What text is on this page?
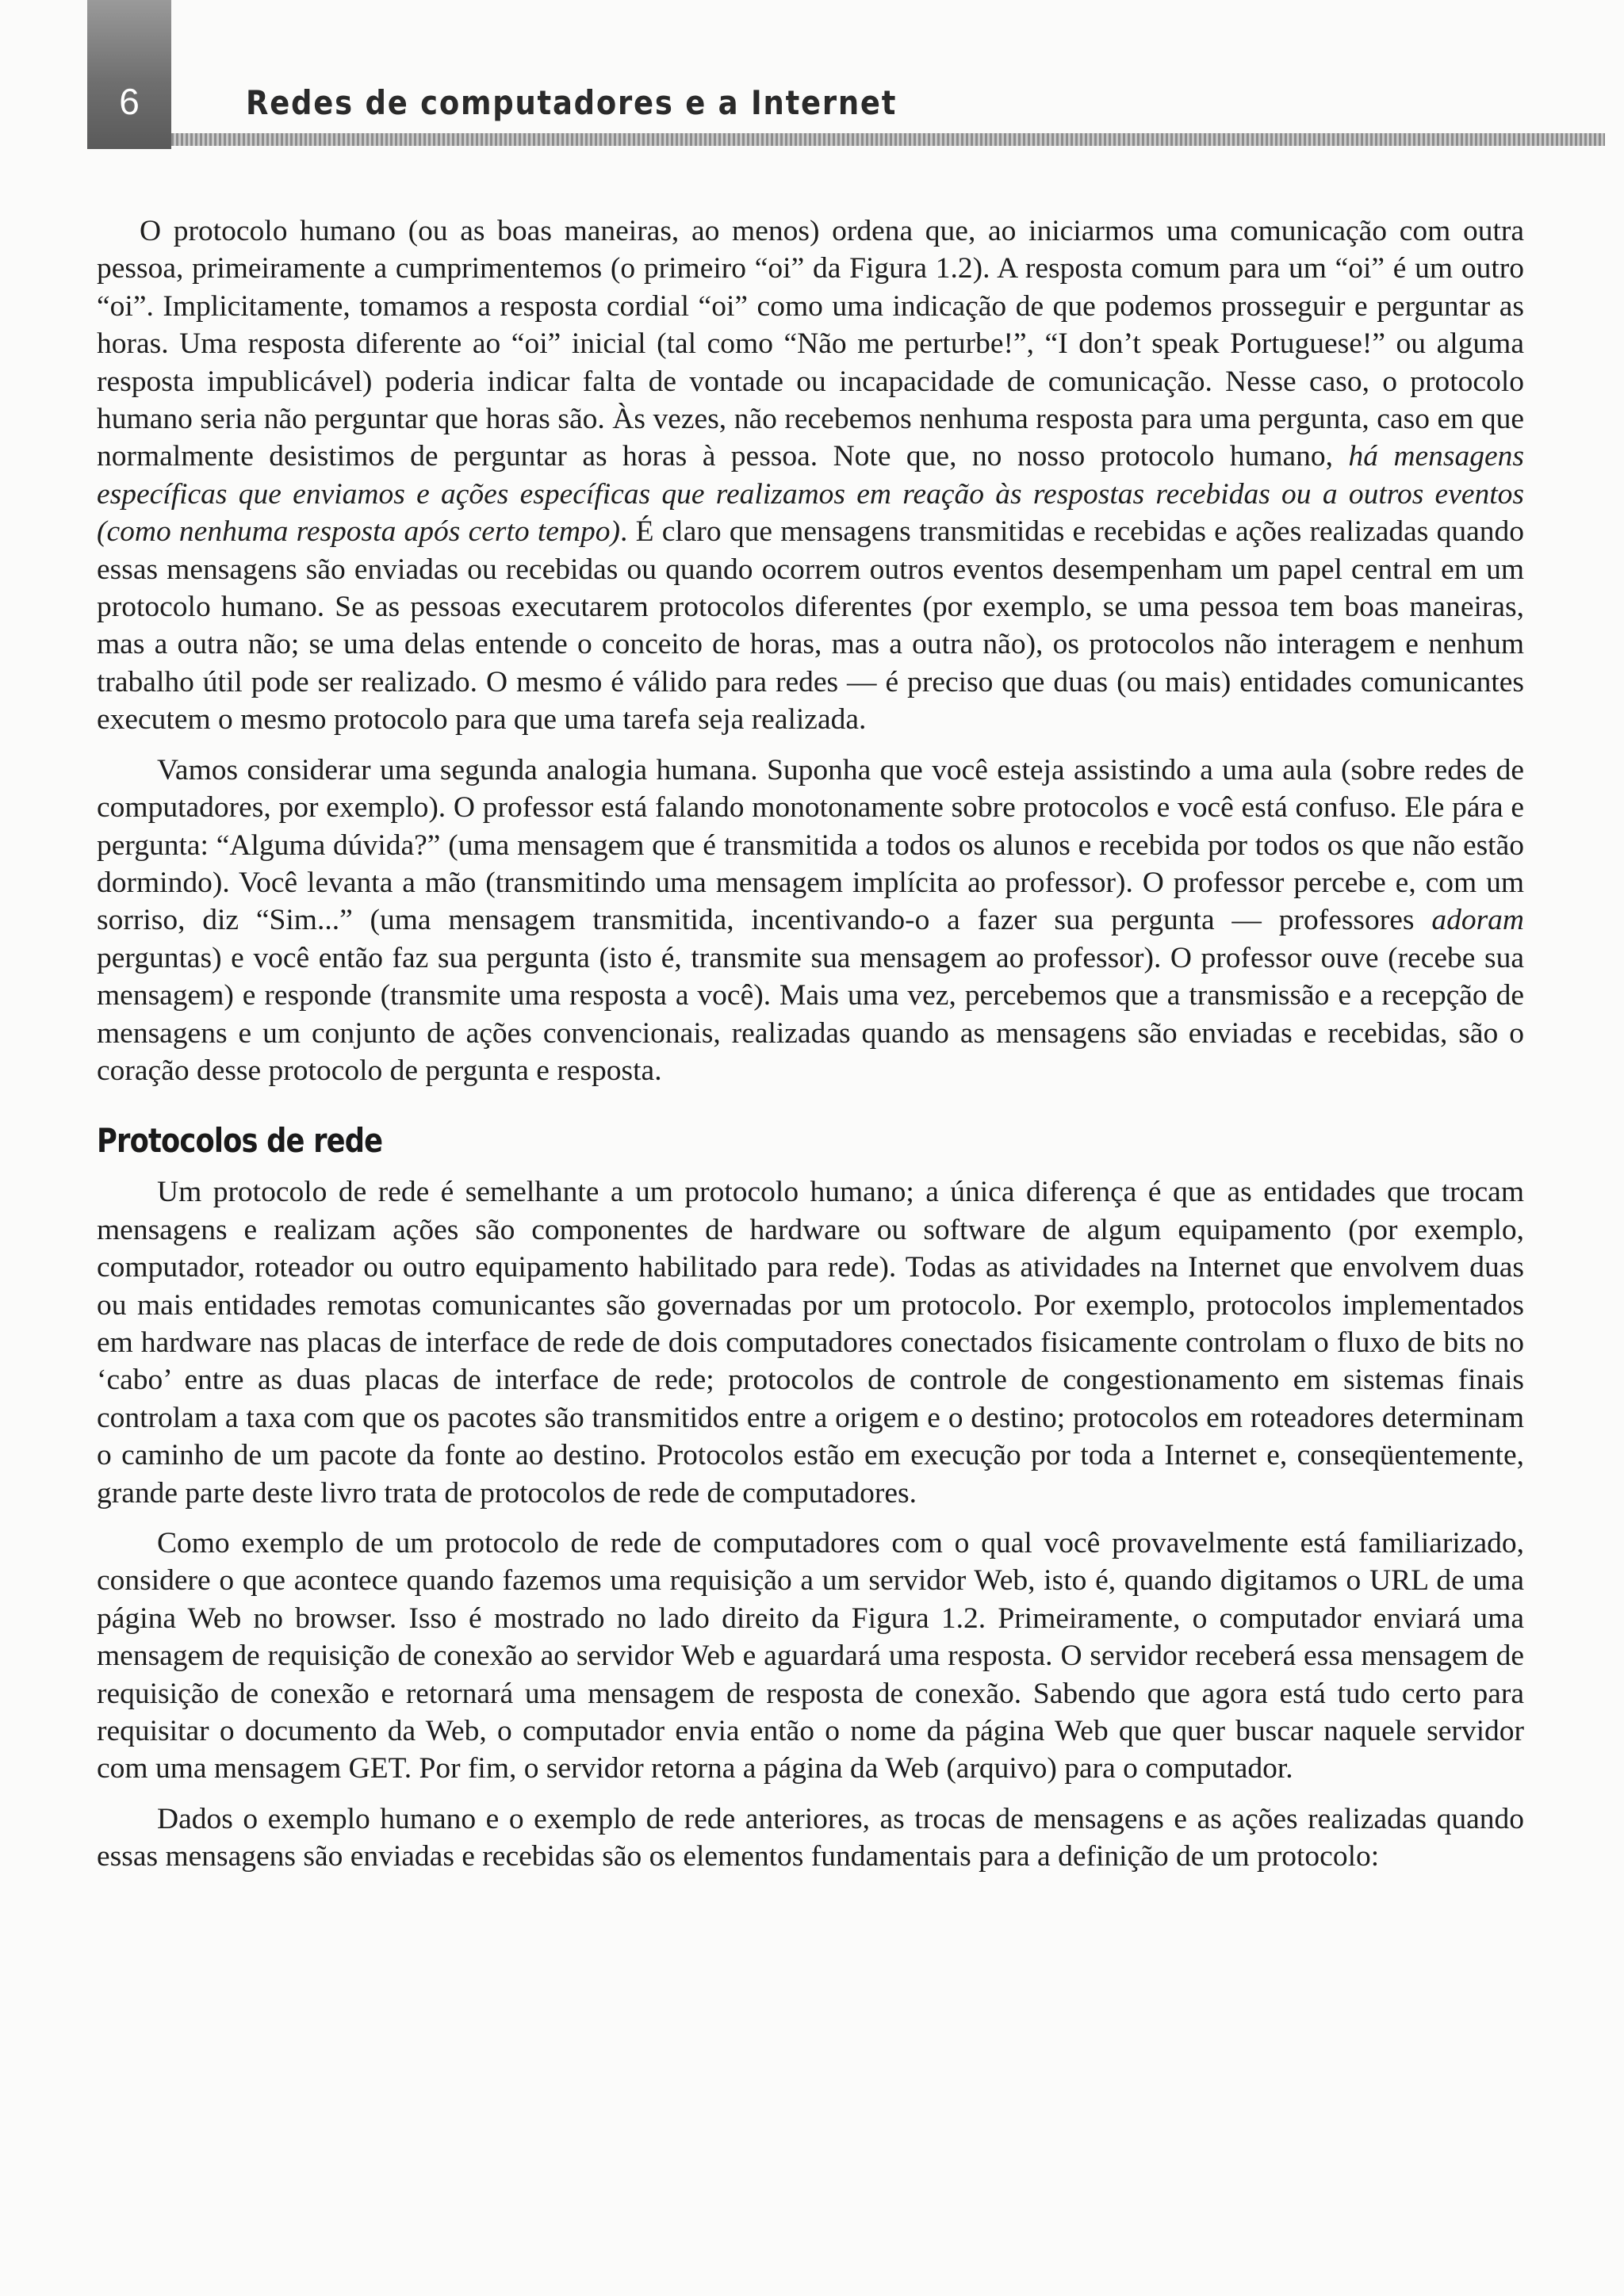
6	Redes de computadores e a Internet

O protocolo humano (ou as boas maneiras, ao menos) ordena que, ao iniciarmos uma comunicação com outra pessoa, primeiramente a cumprimentemos (o primeiro “oi” da Figura 1.2). A resposta comum para um “oi” é um outro “oi”. Implicitamente, tomamos a resposta cordial “oi” como uma indicação de que podemos prosseguir e perguntar as horas. Uma resposta diferente ao “oi” inicial (tal como “Não me perturbe!”, “I don’t speak Portuguese!” ou alguma resposta impublicável) poderia indicar falta de vontade ou incapacidade de comunicação. Nesse caso, o protocolo humano seria não perguntar que horas são. Às vezes, não recebemos nenhuma resposta para uma pergunta, caso em que normalmente desistimos de perguntar as horas à pessoa. Note que, no nosso protocolo humano, há mensagens específicas que enviamos e ações específicas que realizamos em reação às respostas recebidas ou a outros eventos (como nenhuma resposta após certo tempo). É claro que mensagens transmitidas e recebidas e ações realizadas quando essas mensagens são enviadas ou recebidas ou quando ocorrem outros eventos desempenham um papel central em um protocolo humano. Se as pessoas executarem protocolos diferentes (por exemplo, se uma pessoa tem boas maneiras, mas a outra não; se uma delas entende o conceito de horas, mas a outra não), os protocolos não interagem e nenhum trabalho útil pode ser realizado. O mesmo é válido para redes — é preciso que duas (ou mais) entidades comunicantes executem o mesmo protocolo para que uma tarefa seja realizada.

Vamos considerar uma segunda analogia humana. Suponha que você esteja assistindo a uma aula (sobre redes de computadores, por exemplo). O professor está falando monotonamente sobre protocolos e você está confuso. Ele pára e pergunta: “Alguma dúvida?” (uma mensagem que é transmitida a todos os alunos e recebida por todos os que não estão dormindo). Você levanta a mão (transmitindo uma mensagem implícita ao professor). O professor percebe e, com um sorriso, diz “Sim...” (uma mensagem transmitida, incentivando-o a fazer sua pergunta — professores adoram perguntas) e você então faz sua pergunta (isto é, transmite sua mensagem ao professor). O professor ouve (recebe sua mensagem) e responde (transmite uma resposta a você). Mais uma vez, percebemos que a transmissão e a recepção de mensagens e um conjunto de ações convencionais, realizadas quando as mensagens são enviadas e recebidas, são o coração desse protocolo de pergunta e resposta.

Protocolos de rede

Um protocolo de rede é semelhante a um protocolo humano; a única diferença é que as entidades que trocam mensagens e realizam ações são componentes de hardware ou software de algum equipamento (por exemplo, computador, roteador ou outro equipamento habilitado para rede). Todas as atividades na Internet que envolvem duas ou mais entidades remotas comunicantes são governadas por um protocolo. Por exemplo, protocolos implementados em hardware nas placas de interface de rede de dois computadores conectados fisicamente controlam o fluxo de bits no ‘cabo’ entre as duas placas de interface de rede; protocolos de controle de congestionamento em sistemas finais controlam a taxa com que os pacotes são transmitidos entre a origem e o destino; protocolos em roteadores determinam o caminho de um pacote da fonte ao destino. Protocolos estão em execução por toda a Internet e, conseqüentemente, grande parte deste livro trata de protocolos de rede de computadores.

Como exemplo de um protocolo de rede de computadores com o qual você provavelmente está familiarizado, considere o que acontece quando fazemos uma requisição a um servidor Web, isto é, quando digitamos o URL de uma página Web no browser. Isso é mostrado no lado direito da Figura 1.2. Primeiramente, o computador enviará uma mensagem de requisição de conexão ao servidor Web e aguardará uma resposta. O servidor receberá essa mensagem de requisição de conexão e retornará uma mensagem de resposta de conexão. Sabendo que agora está tudo certo para requisitar o documento da Web, o computador envia então o nome da página Web que quer buscar naquele servidor com uma mensagem GET. Por fim, o servidor retorna a página da Web (arquivo) para o computador.

Dados o exemplo humano e o exemplo de rede anteriores, as trocas de mensagens e as ações realizadas quando essas mensagens são enviadas e recebidas são os elementos fundamentais para a definição de um protocolo:
